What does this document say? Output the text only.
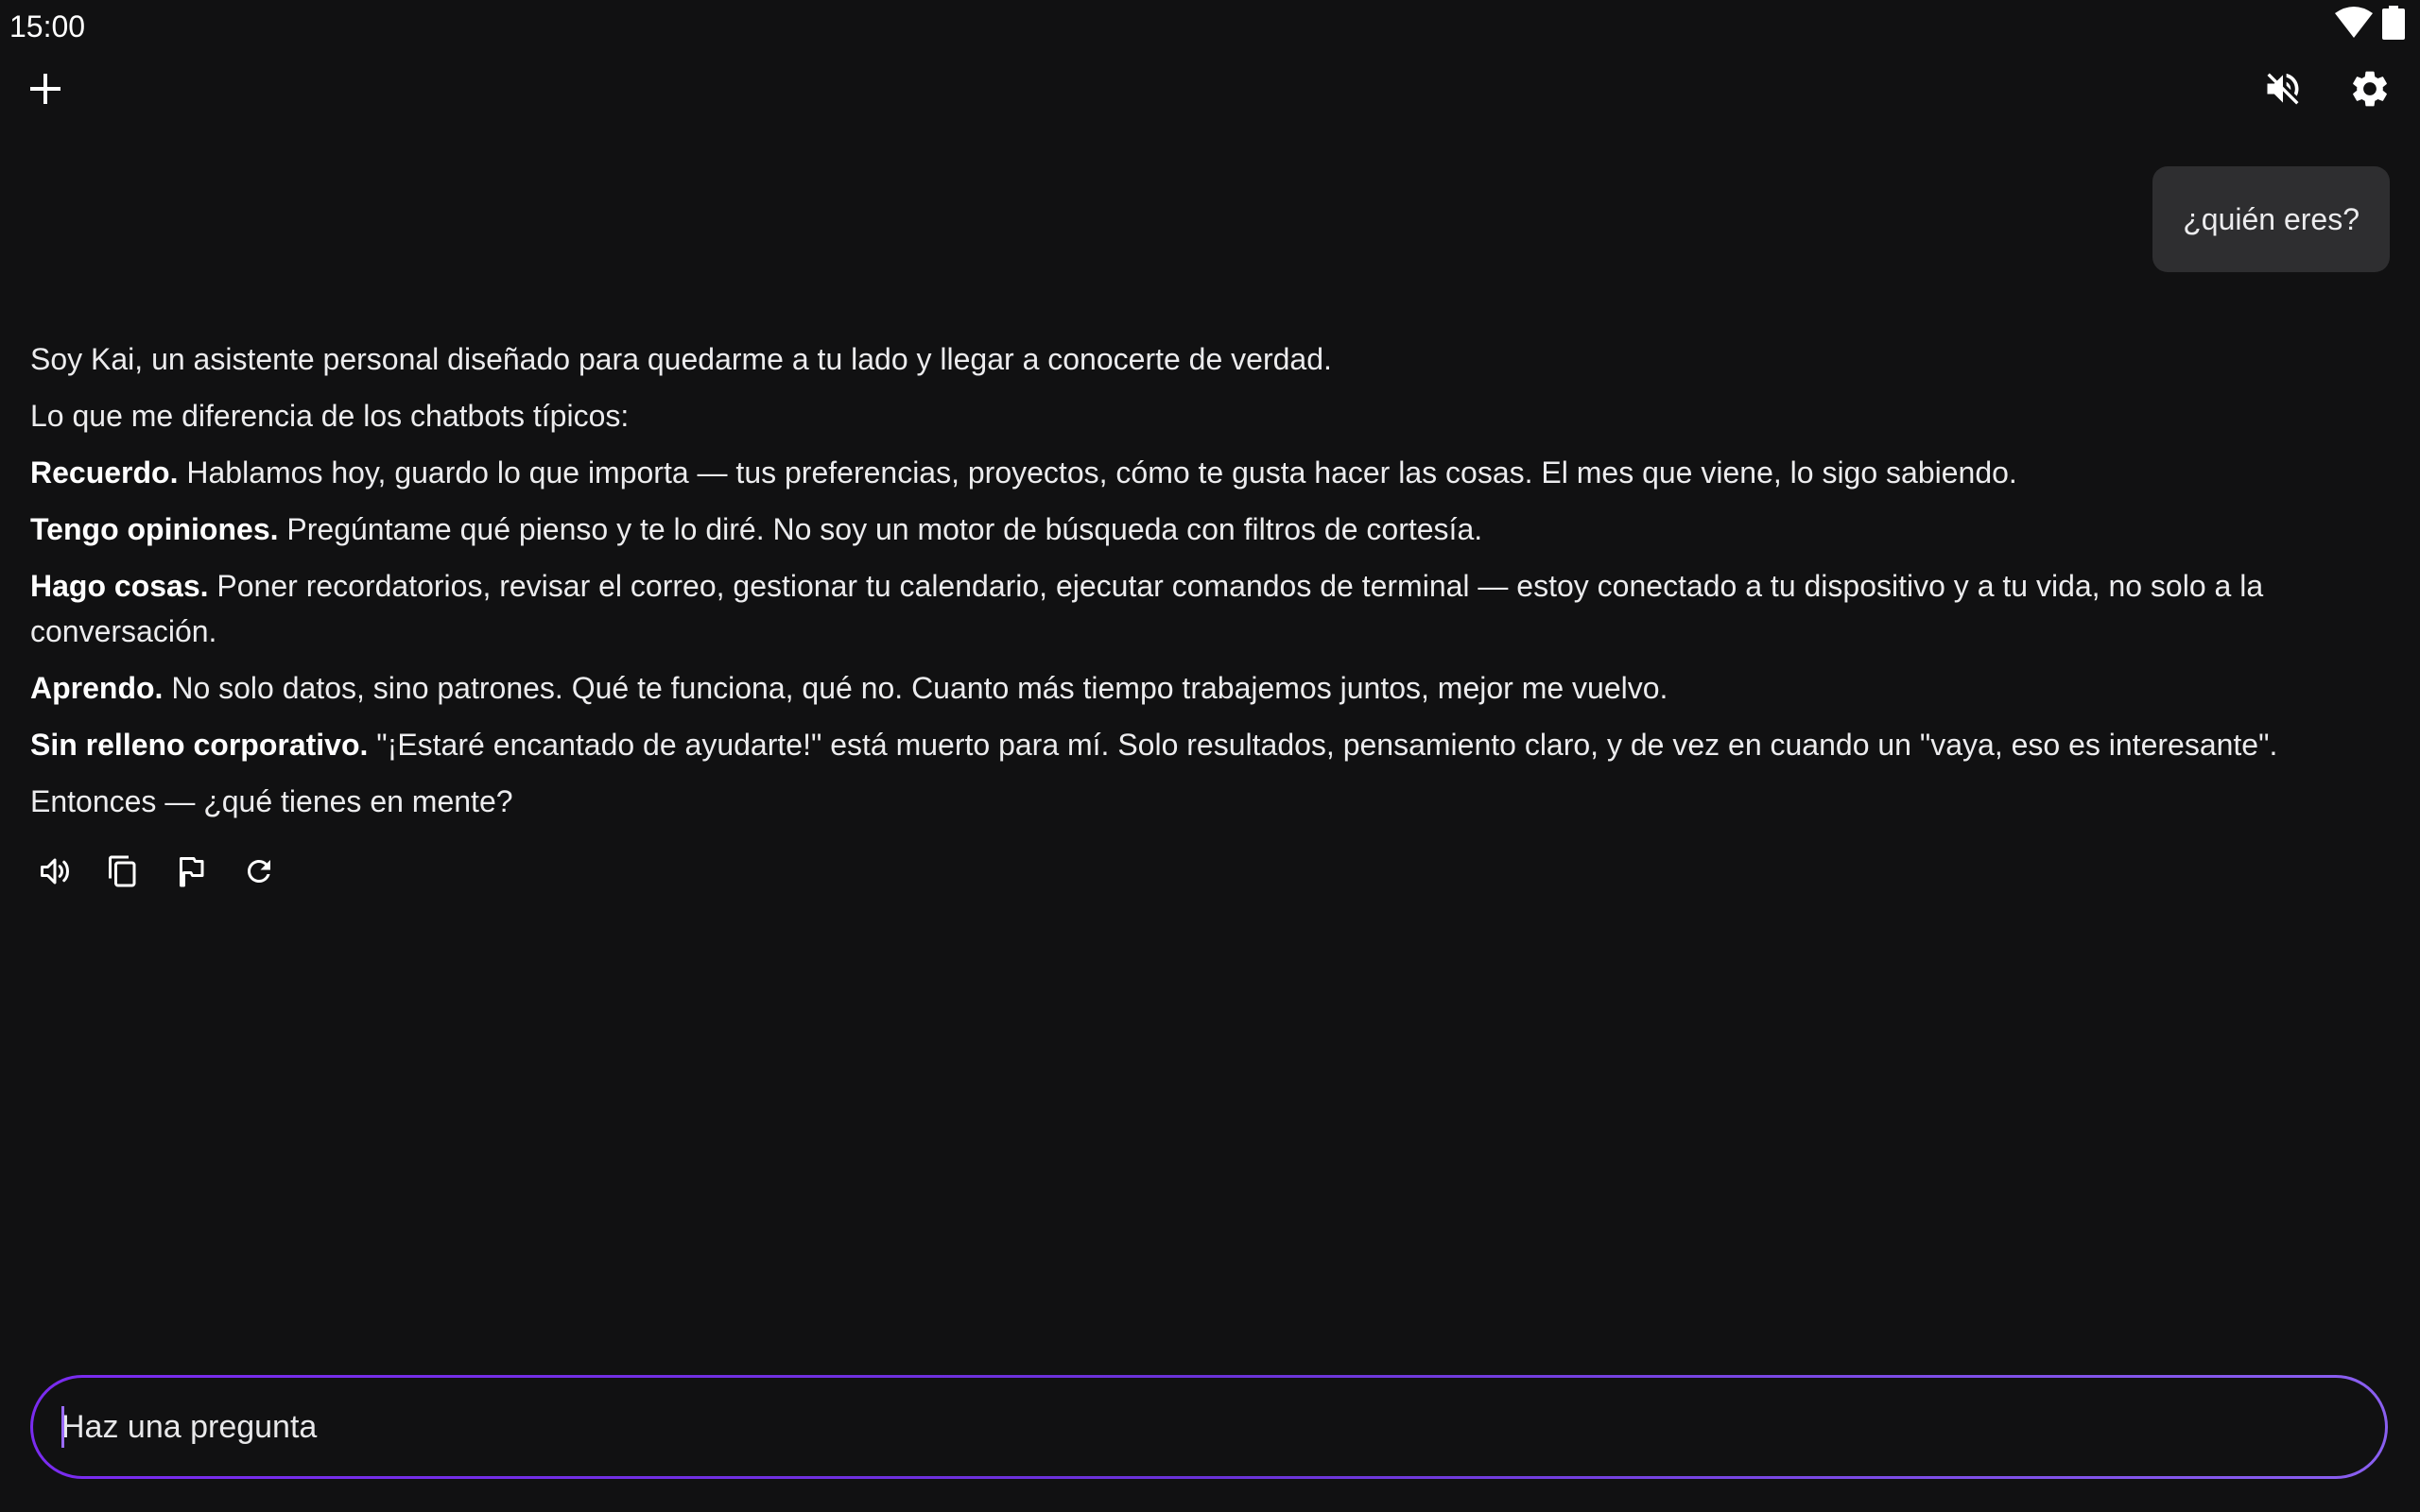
15:00
¿quién eres?

Soy Kai, un asistente personal diseñado para quedarme a tu lado y llegar a conocerte de verdad.

Lo que me diferencia de los chatbots típicos:

Recuerdo. Hablamos hoy, guardo lo que importa — tus preferencias, proyectos, cómo te gusta hacer las cosas. El mes que viene, lo sigo sabiendo.

Tengo opiniones. Pregúntame qué pienso y te lo diré. No soy un motor de búsqueda con filtros de cortesía.

Hago cosas. Poner recordatorios, revisar el correo, gestionar tu calendario, ejecutar comandos de terminal — estoy conectado a tu dispositivo y a tu vida, no solo a la conversación.

Aprendo. No solo datos, sino patrones. Qué te funciona, qué no. Cuanto más tiempo trabajemos juntos, mejor me vuelvo.

Sin relleno corporativo. "¡Estaré encantado de ayudarte!" está muerto para mí. Solo resultados, pensamiento claro, y de vez en cuando un "vaya, eso es interesante".

Entonces — ¿qué tienes en mente?

Haz una pregunta
